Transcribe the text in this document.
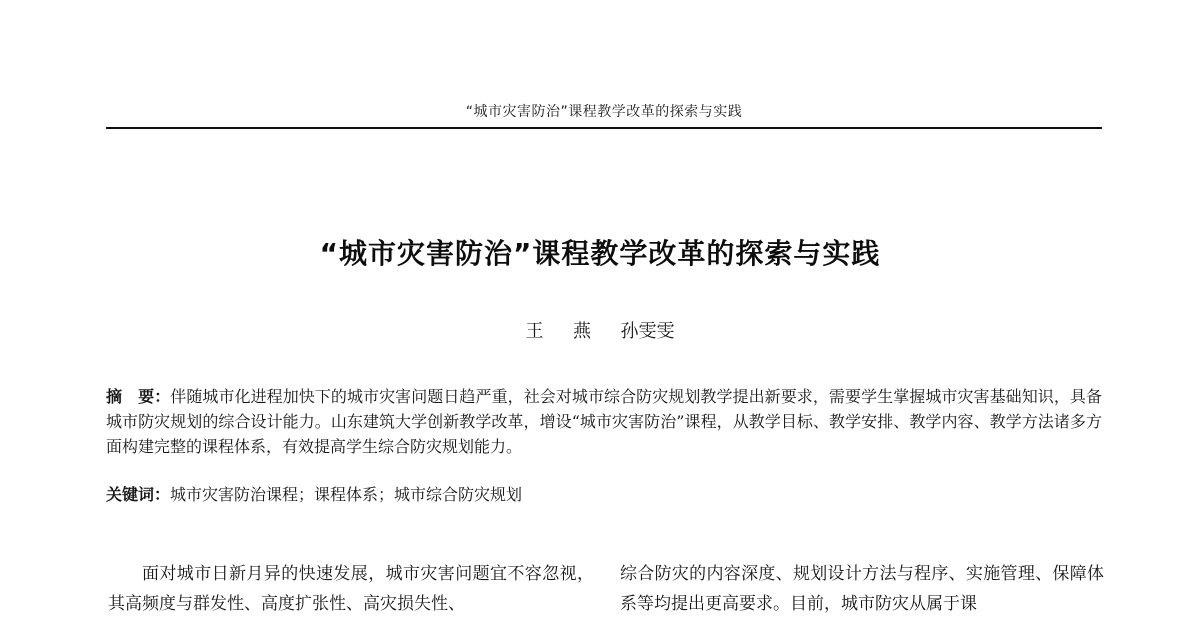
“城市灾害防治”课程教学改革的探索与实践
“城市灾害防治”课程教学改革的探索与实践
王 燕 孙雯雯

摘　要：伴随城市化进程加快下的城市灾害问题日趋严重，社会对城市综合防灾规划教学提出新要求，需要学生掌握城市灾害基础知识，具备城市防灾规划的综合设计能力。山东建筑大学创新教学改革，增设“城市灾害防治”课程，从教学目标、教学安排、教学内容、教学方法诸多方面构建完整的课程体系，有效提高学生综合防灾规划能力。

关键词：城市灾害防治课程；课程体系；城市综合防灾规划

面对城市日新月异的快速发展，城市灾害问题宜不容忽视，其高频度与群发性、高度扩张性、高灾损失性、

综合防灾的内容深度、规划设计方法与程序、实施管理、保障体系等均提出更高要求。目前，城市防灾从属于课
